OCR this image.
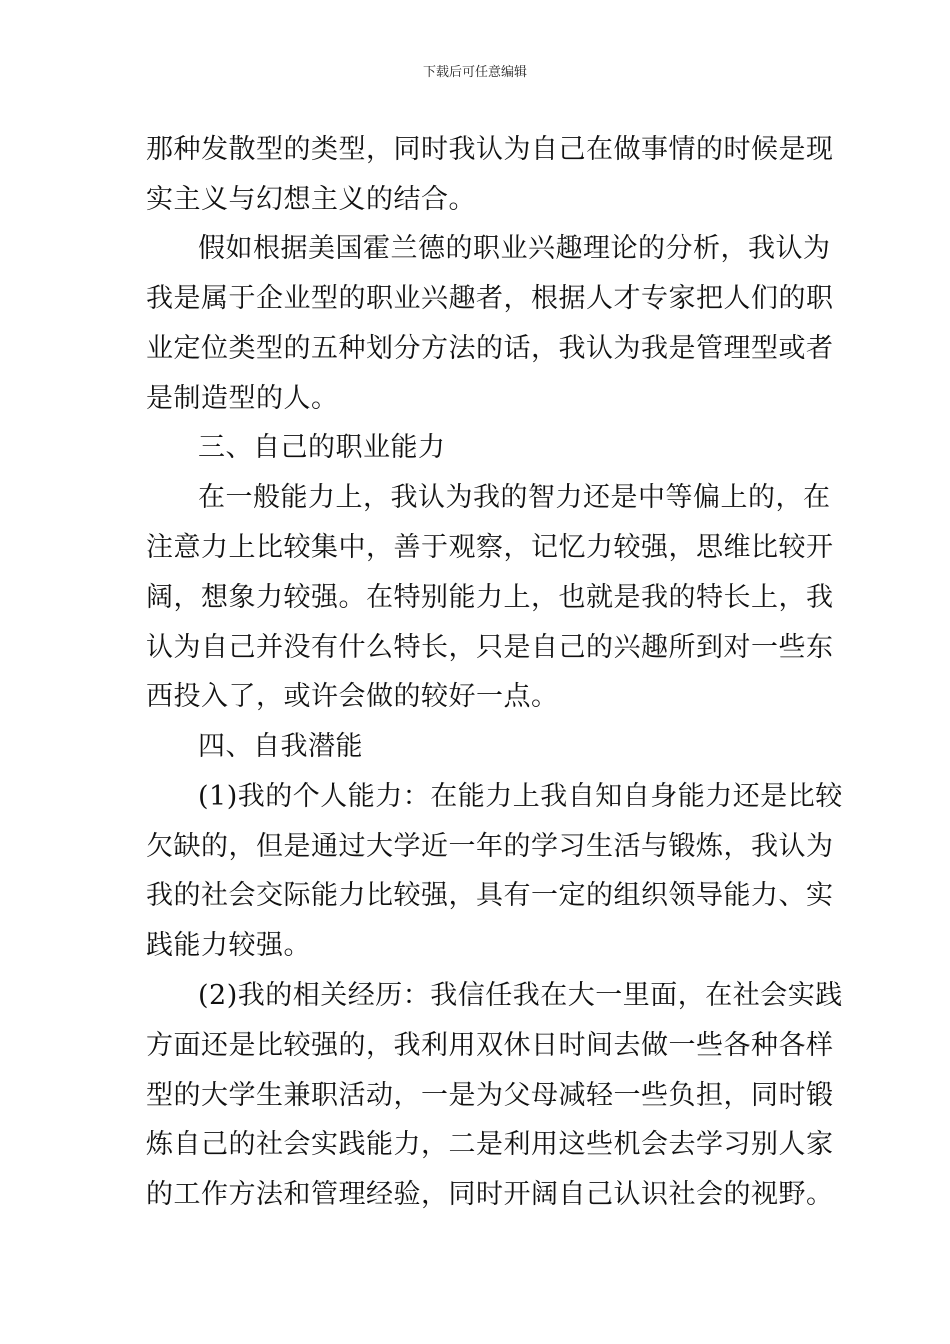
下载后可任意编辑
那种发散型的类型，同时我认为自己在做事情的时候是现
实主义与幻想主义的结合。
假如根据美国霍兰德的职业兴趣理论的分析，我认为
我是属于企业型的职业兴趣者，根据人才专家把人们的职
业定位类型的五种划分方法的话，我认为我是管理型或者
是制造型的人。
三、自己的职业能力
在一般能力上，我认为我的智力还是中等偏上的，在
注意力上比较集中，善于观察，记忆力较强，思维比较开
阔，想象力较强。在特别能力上，也就是我的特长上，我
认为自己并没有什么特长，只是自己的兴趣所到对一些东
西投入了，或许会做的较好一点。
四、自我潜能
(1)我的个人能力：在能力上我自知自身能力还是比较
欠缺的，但是通过大学近一年的学习生活与锻炼，我认为
我的社会交际能力比较强，具有一定的组织领导能力、实
践能力较强。
(2)我的相关经历：我信任我在大一里面，在社会实践
方面还是比较强的，我利用双休日时间去做一些各种各样
型的大学生兼职活动，一是为父母减轻一些负担，同时锻
炼自己的社会实践能力，二是利用这些机会去学习别人家
的工作方法和管理经验，同时开阔自己认识社会的视野。
